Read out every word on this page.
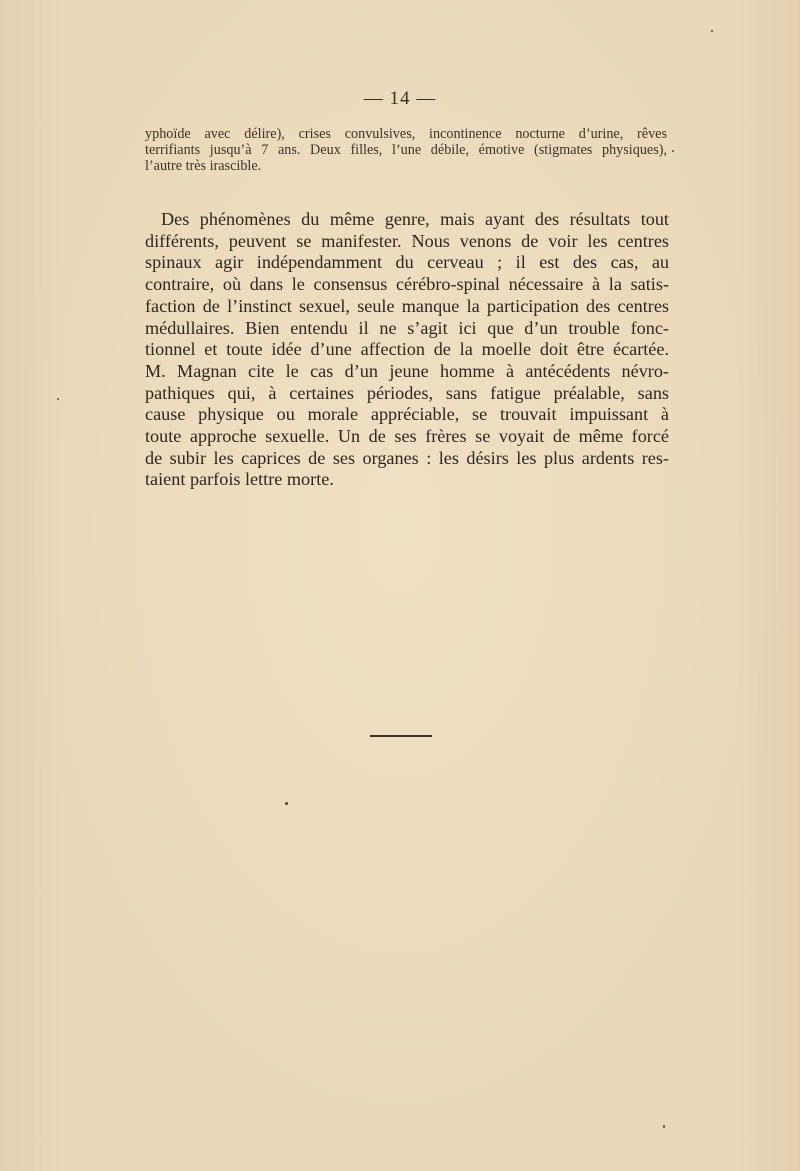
— 14 —
yphoïde avec délire), crises convulsives, incontinence nocturne d’urine, rêves
terrifiants jusqu’à 7 ans. Deux filles, l’une débile, émotive (stigmates physiques),
l’autre très irascible.
Des phénomènes du même genre, mais ayant des résultats tout
différents, peuvent se manifester. Nous venons de voir les centres
spinaux agir indépendamment du cerveau ; il est des cas, au
contraire, où dans le consensus cérébro-spinal nécessaire à la satis-
faction de l’instinct sexuel, seule manque la participation des centres
médullaires. Bien entendu il ne s’agit ici que d’un trouble fonc-
tionnel et toute idée d’une affection de la moelle doit être écartée.
M. Magnan cite le cas d’un jeune homme à antécédents névro-
pathiques qui, à certaines périodes, sans fatigue préalable, sans
cause physique ou morale appréciable, se trouvait impuissant à
toute approche sexuelle. Un de ses frères se voyait de même forcé
de subir les caprices de ses organes : les désirs les plus ardents res-
taient parfois lettre morte.
